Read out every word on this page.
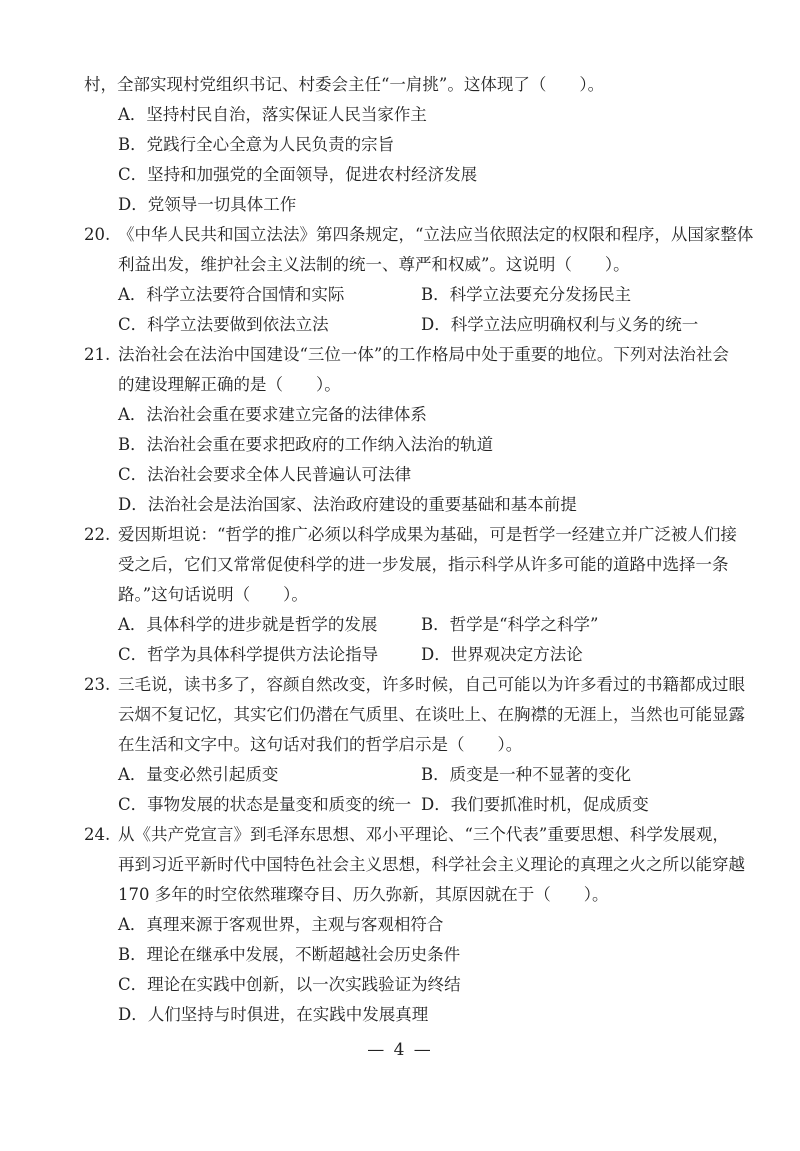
村，全部实现村党组织书记、村委会主任“一肩挑”。这体现了（　　）。
A．坚持村民自治，落实保证人民当家作主
B．党践行全心全意为人民负责的宗旨
C．坚持和加强党的全面领导，促进农村经济发展
D．党领导一切具体工作
20. 《中华人民共和国立法法》第四条规定，“立法应当依照法定的权限和程序，从国家整体
利益出发，维护社会主义法制的统一、尊严和权威”。这说明（　　）。
A．科学立法要符合国情和实际	B．科学立法要充分发扬民主
C．科学立法要做到依法立法	D．科学立法应明确权利与义务的统一
21. 法治社会在法治中国建设“三位一体”的工作格局中处于重要的地位。下列对法治社会
的建设理解正确的是（　　）。
A．法治社会重在要求建立完备的法律体系
B．法治社会重在要求把政府的工作纳入法治的轨道
C．法治社会要求全体人民普遍认可法律
D．法治社会是法治国家、法治政府建设的重要基础和基本前提
22. 爱因斯坦说：“哲学的推广必须以科学成果为基础，可是哲学一经建立并广泛被人们接
受之后，它们又常常促使科学的进一步发展，指示科学从许多可能的道路中选择一条
路。”这句话说明（　　）。
A．具体科学的进步就是哲学的发展	B．哲学是“科学之科学”
C．哲学为具体科学提供方法论指导	D．世界观决定方法论
23. 三毛说，读书多了，容颜自然改变，许多时候，自己可能以为许多看过的书籍都成过眼
云烟不复记忆，其实它们仍潜在气质里、在谈吐上、在胸襟的无涯上，当然也可能显露
在生活和文字中。这句话对我们的哲学启示是（　　）。
A．量变必然引起质变	B．质变是一种不显著的变化
C．事物发展的状态是量变和质变的统一 D．我们要抓准时机，促成质变
24. 从《共产党宣言》到毛泽东思想、邓小平理论、“三个代表”重要思想、科学发展观，
再到习近平新时代中国特色社会主义思想，科学社会主义理论的真理之火之所以能穿越
170 多年的时空依然璀璨夺目、历久弥新，其原因就在于（　　）。
A．真理来源于客观世界，主观与客观相符合
B．理论在继承中发展，不断超越社会历史条件
C．理论在实践中创新，以一次实践验证为终结
D．人们坚持与时俱进，在实践中发展真理
— 4 —
